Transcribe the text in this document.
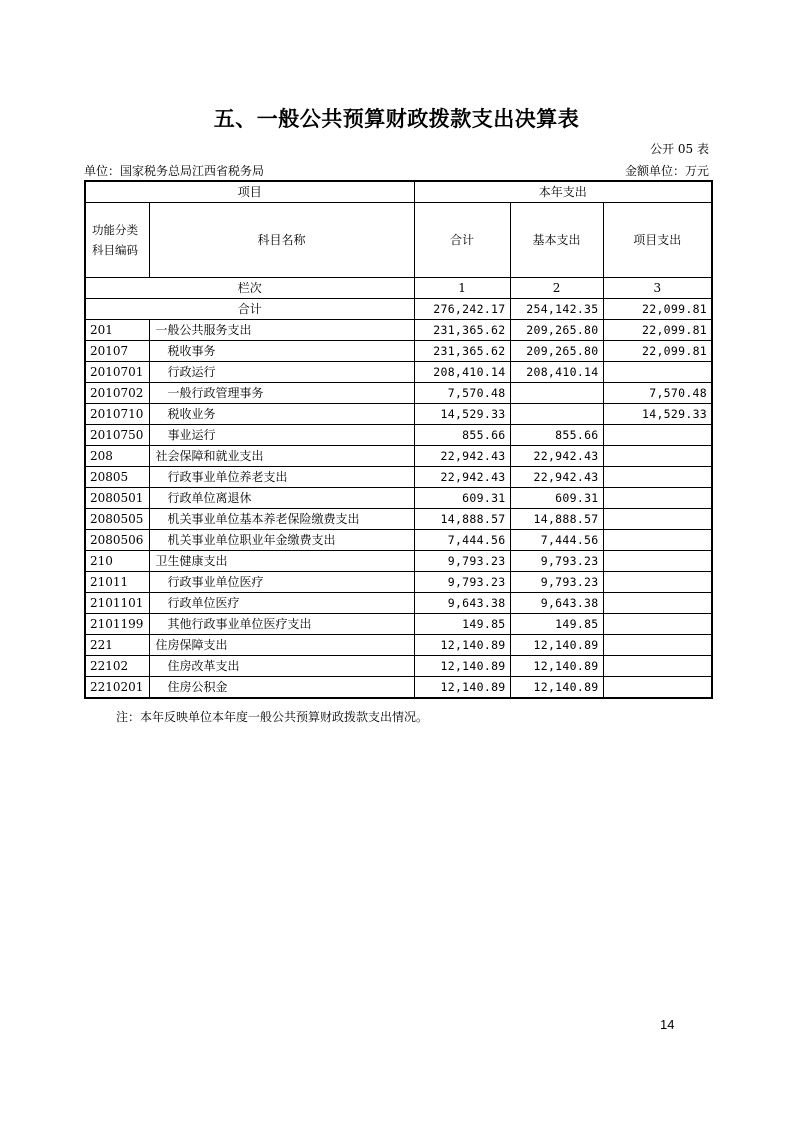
五、一般公共预算财政拨款支出决算表
公开 05 表
单位：国家税务总局江西省税务局	金额单位：万元
项目		本年支出		

功能分类
科目编码	科目名称	合计	基本支出	项目支出
栏次		1	2	3
合计		276,242.17	254,142.35	22,099.81
201	一般公共服务支出	231,365.62	209,265.80	22,099.81
20107	税收事务	231,365.62	209,265.80	22,099.81
2010701	行政运行	208,410.14	208,410.14	
2010702	一般行政管理事务	7,570.48		7,570.48
2010710	税收业务	14,529.33		14,529.33
2010750	事业运行	855.66	855.66	
208	社会保障和就业支出	22,942.43	22,942.43	
20805	行政事业单位养老支出	22,942.43	22,942.43	
2080501	行政单位离退休	609.31	609.31	
2080505	机关事业单位基本养老保险缴费支出	14,888.57	14,888.57	
2080506	机关事业单位职业年金缴费支出	7,444.56	7,444.56	
210	卫生健康支出	9,793.23	9,793.23	
21011	行政事业单位医疗	9,793.23	9,793.23	
2101101	行政单位医疗	9,643.38	9,643.38	
2101199	其他行政事业单位医疗支出	149.85	149.85	
221	住房保障支出	12,140.89	12,140.89	
22102	住房改革支出	12,140.89	12,140.89	
2210201	住房公积金	12,140.89	12,140.89	
注：本年反映单位本年度一般公共预算财政拨款支出情况。
14
